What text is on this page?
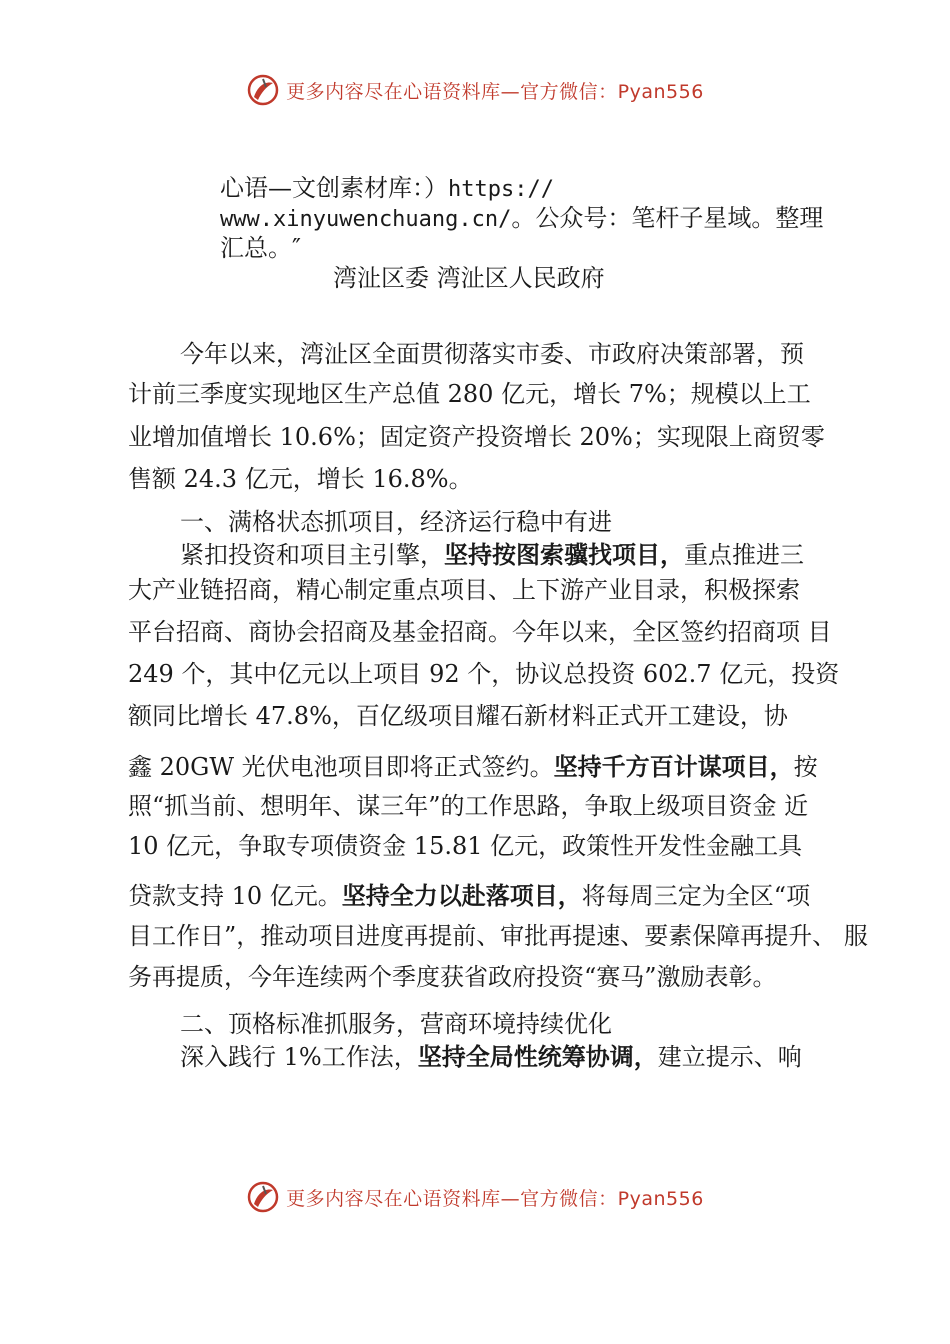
更多内容尽在心语资料库—官方微信：Pyan556
心语—文创素材库：）https://
www.xinyuwenchuang.cn/。公众号：笔杆子星域。整理
汇总。″
湾沚区委 湾沚区人民政府
今年以来，湾沚区全面贯彻落实市委、市政府决策部署，预
计前三季度实现地区生产总值 280 亿元，增长 7%；规模以上工
业增加值增长 10.6%；固定资产投资增长 20%；实现限上商贸零
售额 24.3 亿元，增长 16.8%。
一、满格状态抓项目，经济运行稳中有进
紧扣投资和项目主引擎，坚持按图索骥找项目，重点推进三
大产业链招商，精心制定重点项目、上下游产业目录，积极探索
平台招商、商协会招商及基金招商。今年以来，全区签约招商项 目
249 个，其中亿元以上项目 92 个，协议总投资 602.7 亿元，投资
额同比增长 47.8%，百亿级项目耀石新材料正式开工建设，协
鑫 20GW 光伏电池项目即将正式签约。坚持千方百计谋项目，按
照“抓当前、想明年、谋三年”的工作思路，争取上级项目资金 近
10 亿元，争取专项债资金 15.81 亿元，政策性开发性金融工具
贷款支持 10 亿元。坚持全力以赴落项目，将每周三定为全区“项
目工作日”，推动项目进度再提前、审批再提速、要素保障再提升、 服
务再提质，今年连续两个季度获省政府投资“赛马”激励表彰。
二、顶格标准抓服务，营商环境持续优化
深入践行 1%工作法，坚持全局性统筹协调，建立提示、响
更多内容尽在心语资料库—官方微信：Pyan556
